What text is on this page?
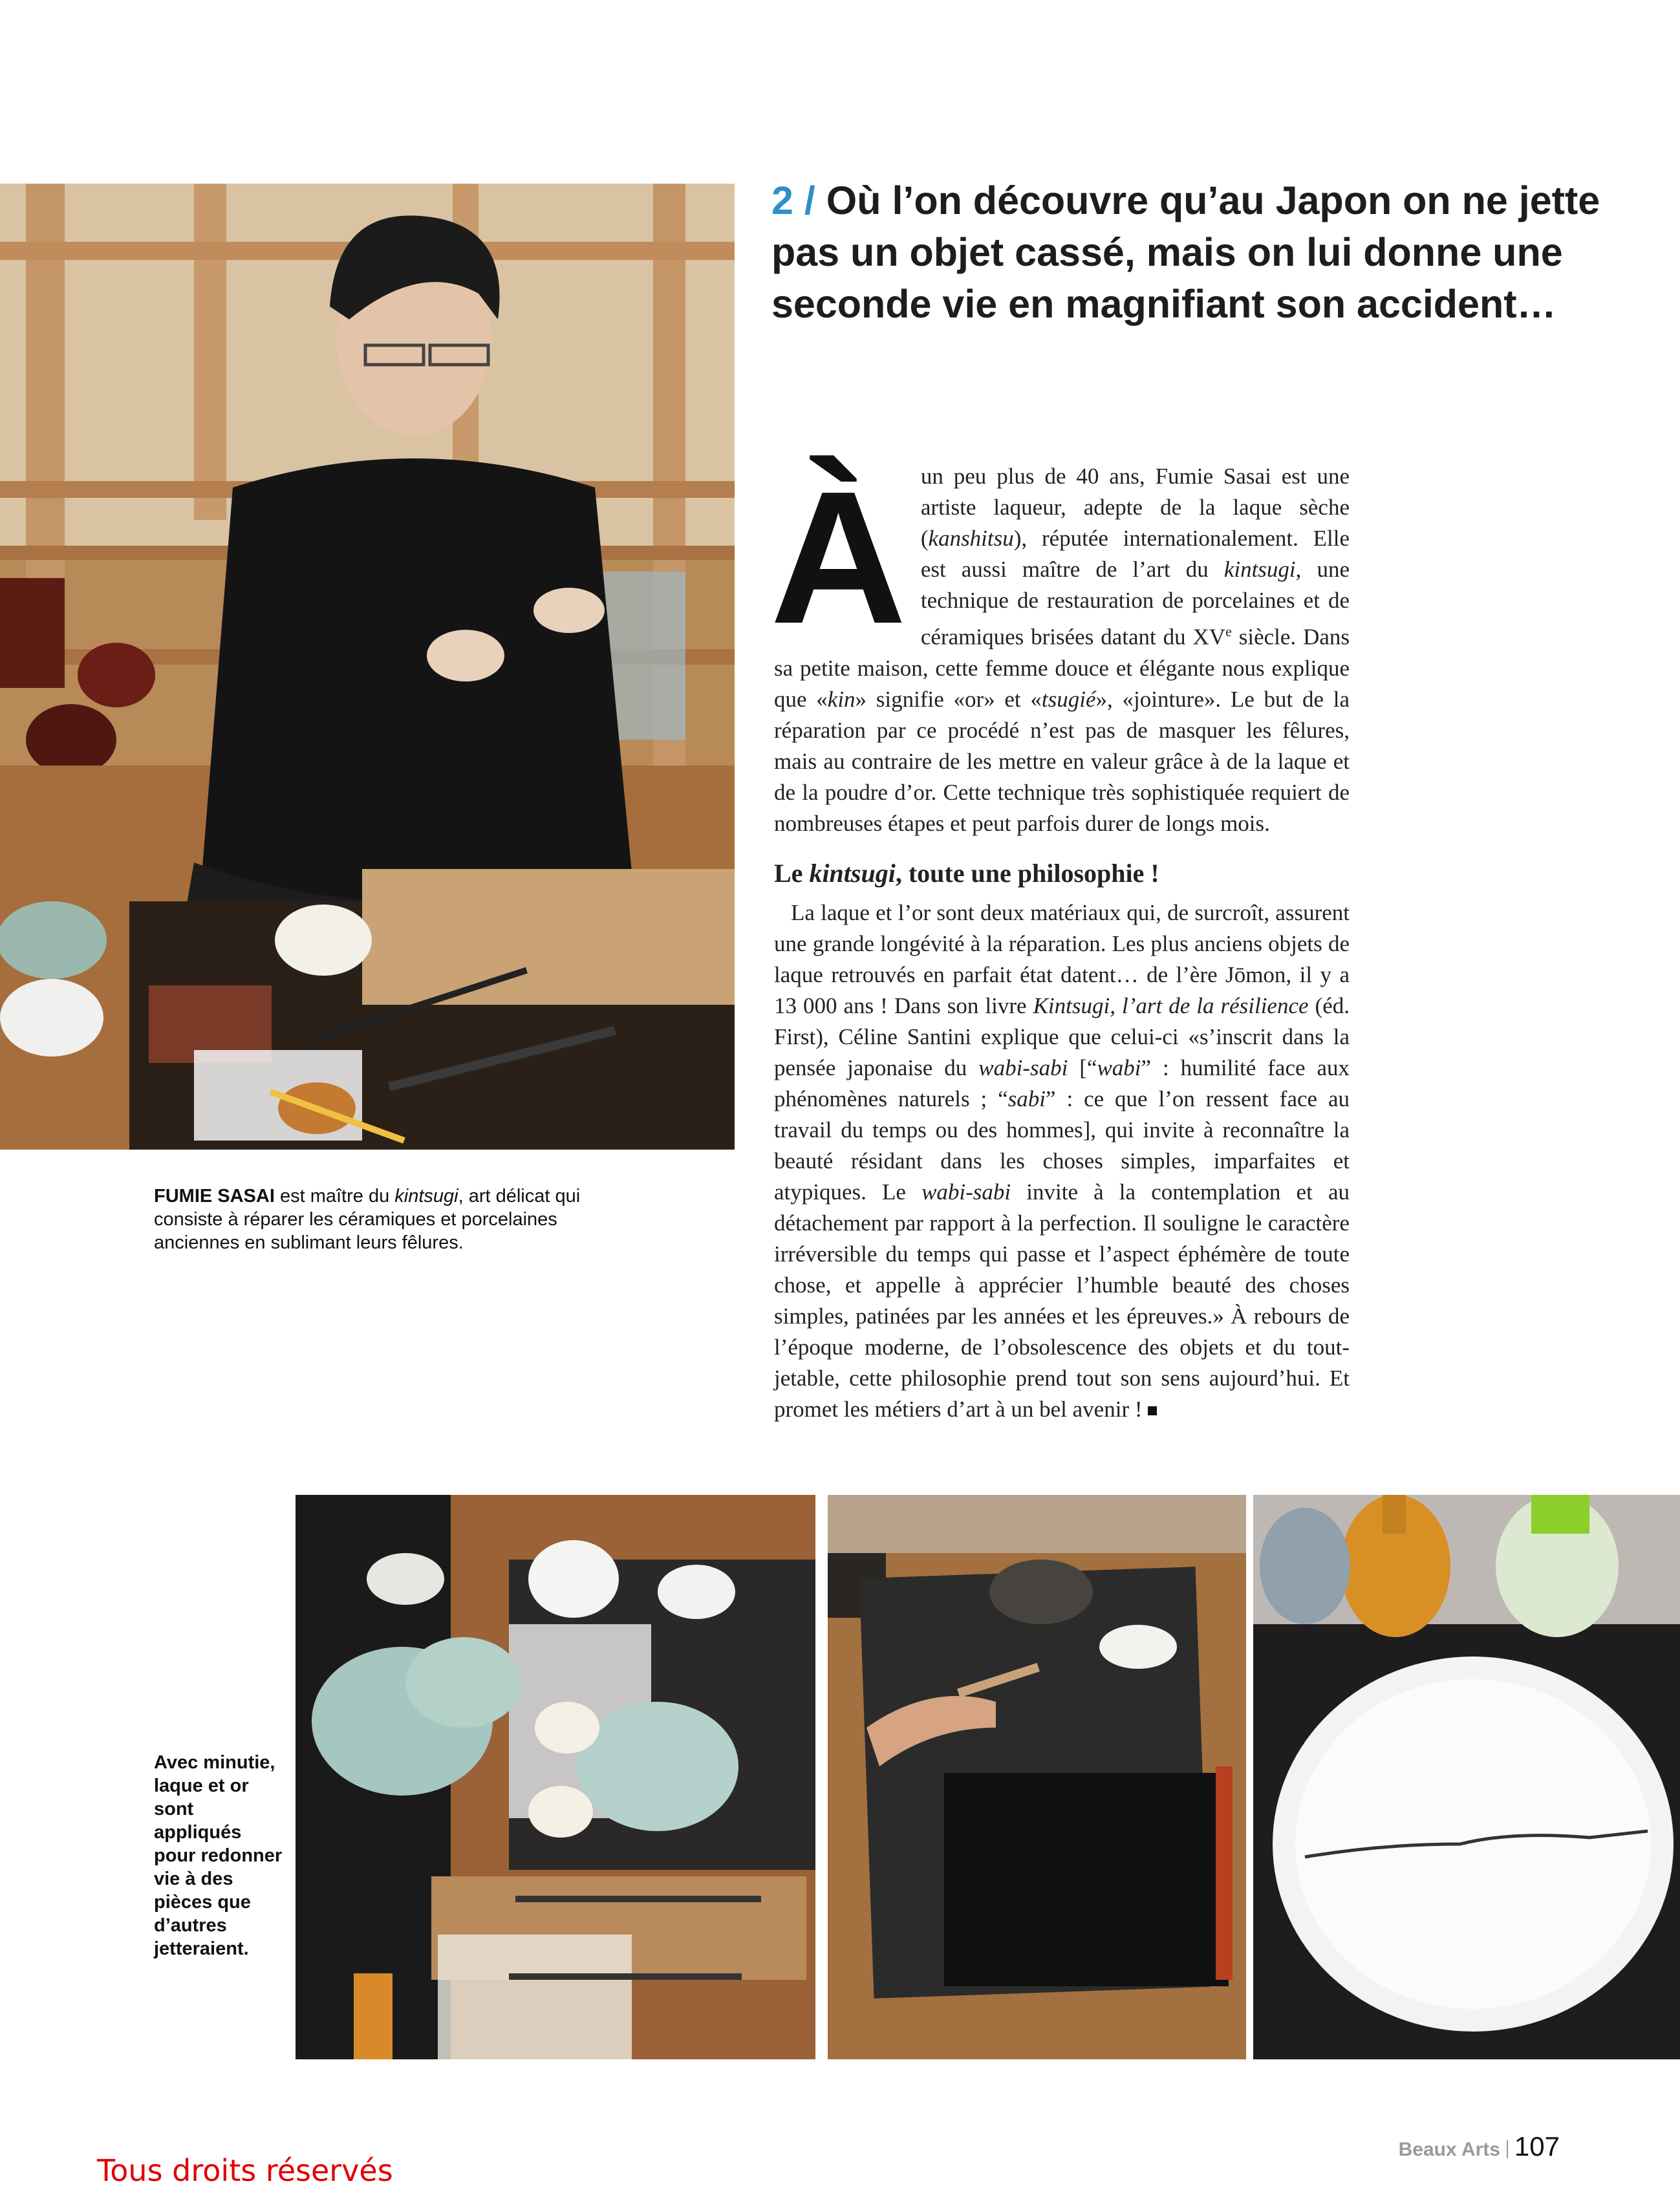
2 / Où l’on découvre qu’au Japon on ne jette pas un objet cassé, mais on lui donne une seconde vie en magnifiant son accident…
À un peu plus de 40 ans, Fumie Sasai est une artiste laqueur, adepte de la laque sèche (kanshitsu), réputée internationalement. Elle est aussi maître de l’art du kintsugi, une technique de restauration de porcelaines et de céramiques brisées datant du XVe siècle. Dans sa petite maison, cette femme douce et élégante nous explique que «kin» signifie «or» et «tsugié», «jointure». Le but de la réparation par ce procédé n’est pas de masquer les fêlures, mais au contraire de les mettre en valeur grâce à de la laque et de la poudre d’or. Cette technique très sophistiquée requiert de nombreuses étapes et peut parfois durer de longs mois.

Le kintsugi, toute une philosophie !

La laque et l’or sont deux matériaux qui, de surcroît, assurent une grande longévité à la réparation. Les plus anciens objets de laque retrouvés en parfait état datent… de l’ère Jōmon, il y a 13 000 ans ! Dans son livre Kintsugi, l’art de la résilience (éd. First), Céline Santini explique que celui-ci «s’inscrit dans la pensée japonaise du wabi-sabi [“wabi” : humilité face aux phénomènes naturels ; “sabi” : ce que l’on ressent face au travail du temps ou des hommes], qui invite à reconnaître la beauté résidant dans les choses simples, imparfaites et atypiques. Le wabi-sabi invite à la contemplation et au détachement par rapport à la perfection. Il souligne le caractère irréversible du temps qui passe et l’aspect éphémère de toute chose, et appelle à apprécier l’humble beauté des choses simples, patinées par les années et les épreuves.» À rebours de l’époque moderne, de l’obsolescence des objets et du tout-jetable, cette philosophie prend tout son sens aujourd’hui. Et promet les métiers d’art à un bel avenir !

FUMIE SASAI est maître du kintsugi, art délicat qui consiste à réparer les céramiques et porcelaines anciennes en sublimant leurs fêlures.
Avec minutie, laque et or sont appliqués pour redonner vie à des pièces que d’autres jetteraient.
Beaux Arts 107
Tous droits réservés
